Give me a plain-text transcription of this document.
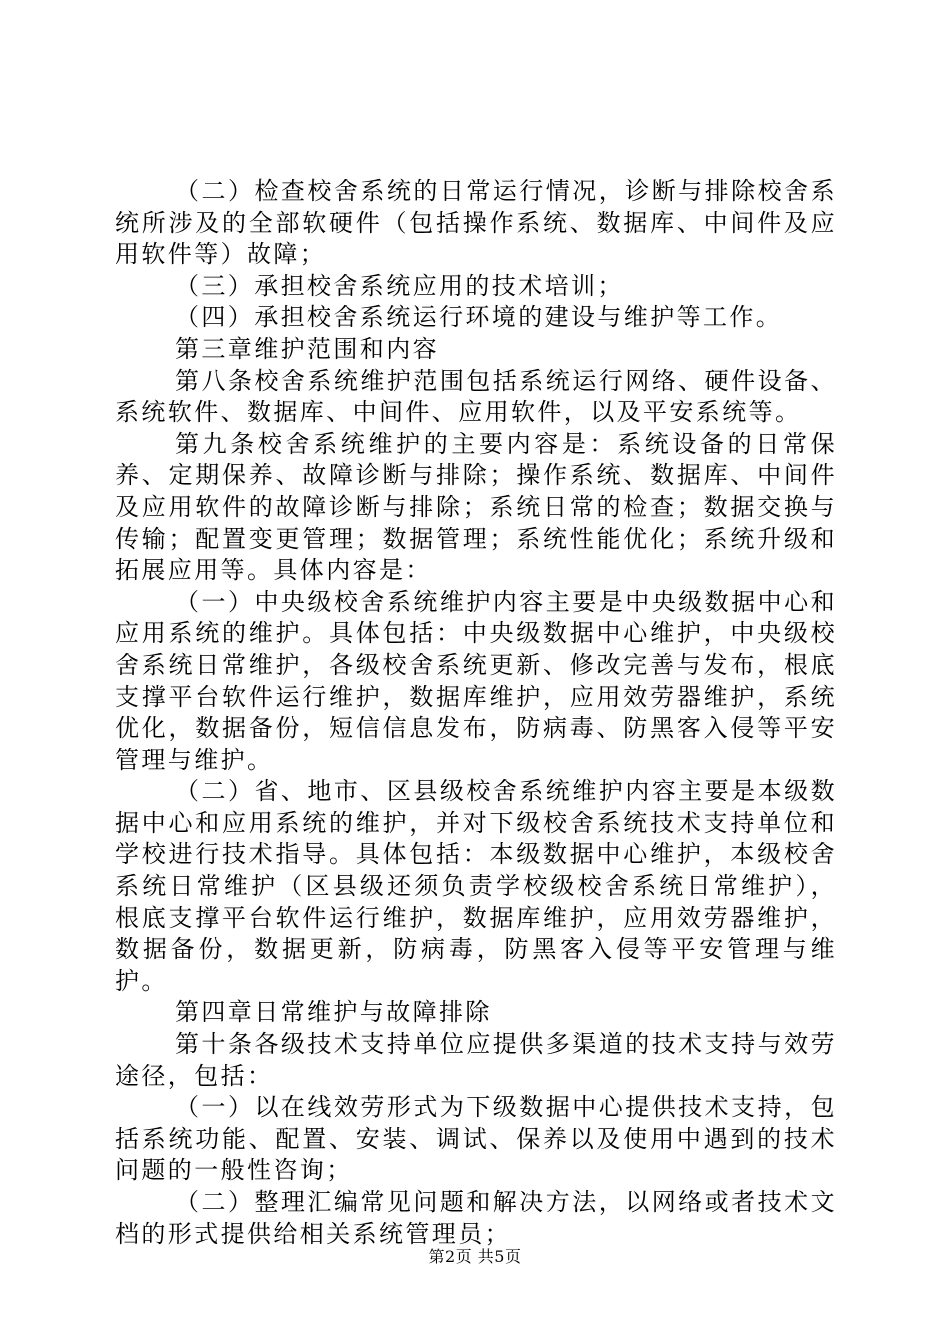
（二）检查校舍系统的日常运行情况，诊断与排除校舍系统所涉及的全部软硬件（包括操作系统、数据库、中间件及应用软件等）故障；

（三）承担校舍系统应用的技术培训；

（四）承担校舍系统运行环境的建设与维护等工作。

第三章维护范围和内容

第八条校舍系统维护范围包括系统运行网络、硬件设备、系统软件、数据库、中间件、应用软件，以及平安系统等。

第九条校舍系统维护的主要内容是：系统设备的日常保养、定期保养、故障诊断与排除；操作系统、数据库、中间件及应用软件的故障诊断与排除；系统日常的检查；数据交换与传输；配置变更管理；数据管理；系统性能优化；系统升级和拓展应用等。具体内容是：

（一）中央级校舍系统维护内容主要是中央级数据中心和应用系统的维护。具体包括：中央级数据中心维护，中央级校舍系统日常维护，各级校舍系统更新、修改完善与发布，根底支撑平台软件运行维护，数据库维护，应用效劳器维护，系统优化，数据备份，短信信息发布，防病毒、防黑客入侵等平安管理与维护。

（二）省、地市、区县级校舍系统维护内容主要是本级数据中心和应用系统的维护，并对下级校舍系统技术支持单位和学校进行技术指导。具体包括：本级数据中心维护，本级校舍系统日常维护（区县级还须负责学校级校舍系统日常维护），根底支撑平台软件运行维护，数据库维护，应用效劳器维护，数据备份，数据更新，防病毒，防黑客入侵等平安管理与维护。

第四章日常维护与故障排除

第十条各级技术支持单位应提供多渠道的技术支持与效劳途径，包括：

（一）以在线效劳形式为下级数据中心提供技术支持，包括系统功能、配置、安装、调试、保养以及使用中遇到的技术问题的一般性咨询；

（二）整理汇编常见问题和解决方法，以网络或者技术文档的形式提供给相关系统管理员；

第2页 共5页
